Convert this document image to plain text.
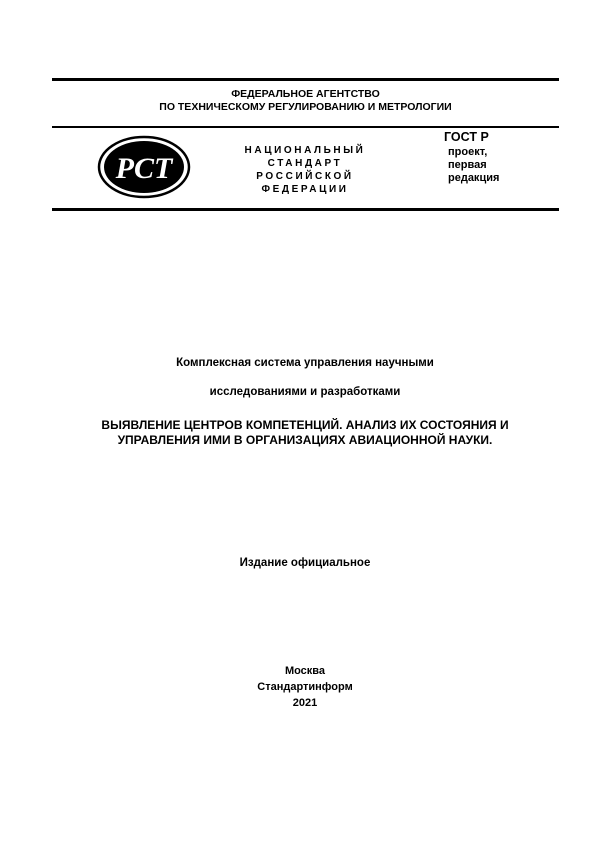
ФЕДЕРАЛЬНОЕ АГЕНТСТВО
ПО ТЕХНИЧЕСКОМУ РЕГУЛИРОВАНИЮ И МЕТРОЛОГИИ
РСТ
НАЦИОНАЛЬНЫЙ
СТАНДАРТ
РОССИЙСКОЙ
ФЕДЕРАЦИИ
ГОСТ Р
проект,
первая
редакция
Комплексная система управления научными
исследованиями и разработками
ВЫЯВЛЕНИЕ ЦЕНТРОВ КОМПЕТЕНЦИЙ. АНАЛИЗ ИХ СОСТОЯНИЯ И
УПРАВЛЕНИЯ ИМИ В ОРГАНИЗАЦИЯХ АВИАЦИОННОЙ НАУКИ.
Издание официальное
Москва
Стандартинформ
2021
